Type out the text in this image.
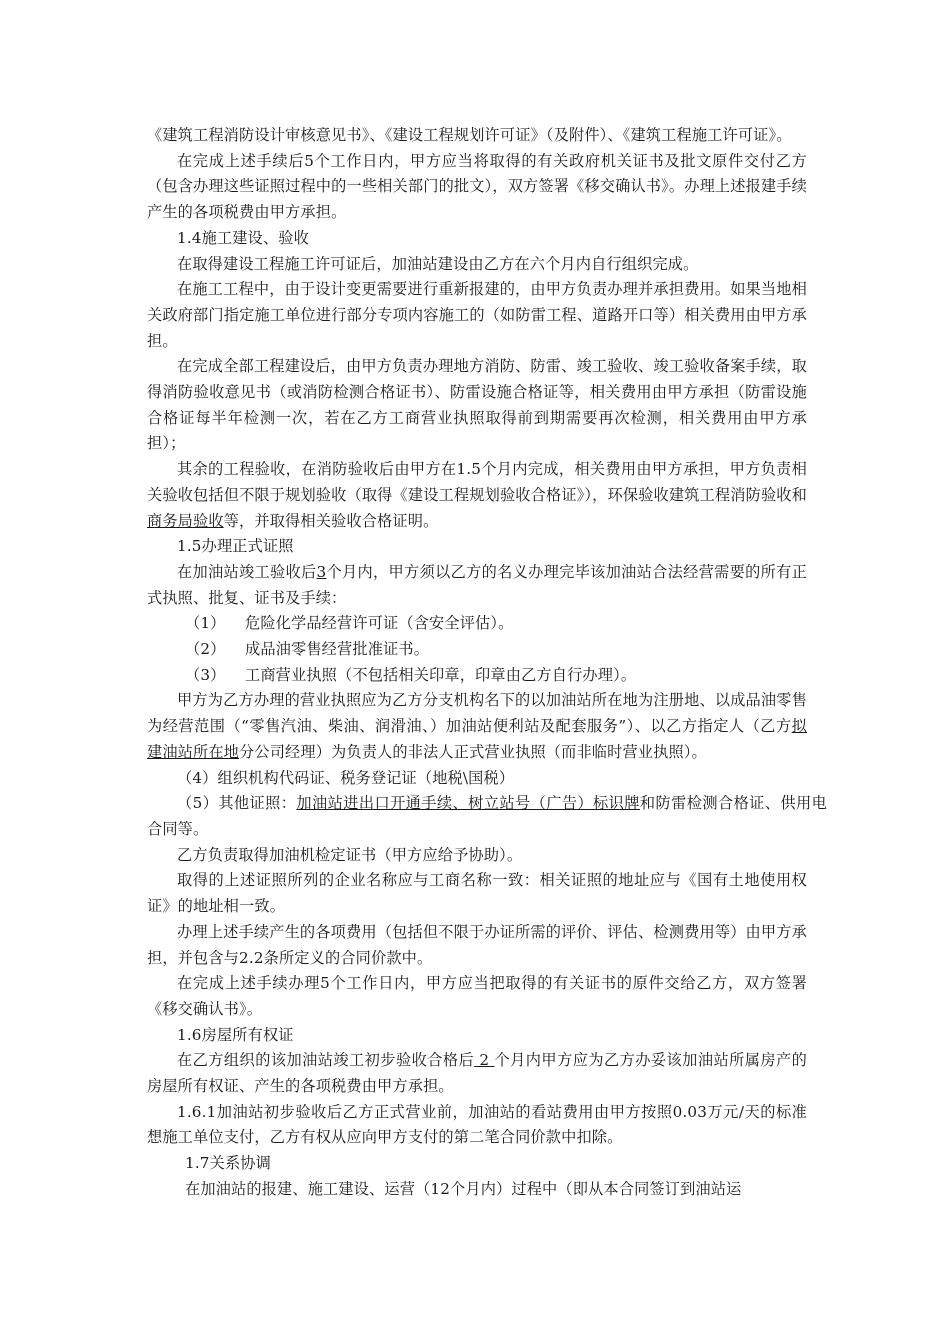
《建筑工程消防设计审核意见书》、《建设工程规划许可证》（及附件）、《建筑工程施工许可证》。

在完成上述手续后5个工作日内，甲方应当将取得的有关政府机关证书及批文原件交付乙方（包含办理这些证照过程中的一些相关部门的批文），双方签署《移交确认书》。办理上述报建手续产生的各项税费由甲方承担。

1.4施工建设、验收

在取得建设工程施工许可证后，加油站建设由乙方在六个月内自行组织完成。

在施工工程中，由于设计变更需要进行重新报建的，由甲方负责办理并承担费用。如果当地相关政府部门指定施工单位进行部分专项内容施工的（如防雷工程、道路开口等）相关费用由甲方承担。

在完成全部工程建设后，由甲方负责办理地方消防、防雷、竣工验收、竣工验收备案手续，取得消防验收意见书（或消防检测合格证书）、防雷设施合格证等，相关费用由甲方承担（防雷设施合格证每半年检测一次，若在乙方工商营业执照取得前到期需要再次检测，相关费用由甲方承担）；

其余的工程验收，在消防验收后由甲方在1.5个月内完成，相关费用由甲方承担，甲方负责相关验收包括但不限于规划验收（取得《建设工程规划验收合格证》），环保验收建筑工程消防验收和商务局验收等，并取得相关验收合格证明。

1.5办理正式证照

在加油站竣工验收后3个月内，甲方须以乙方的名义办理完毕该加油站合法经营需要的所有正式执照、批复、证书及手续：

（1） 危险化学品经营许可证（含安全评估）。

（2） 成品油零售经营批准证书。

（3） 工商营业执照（不包括相关印章，印章由乙方自行办理）。

甲方为乙方办理的营业执照应为乙方分支机构名下的以加油站所在地为注册地、以成品油零售为经营范围（“零售汽油、柴油、润滑油、）加油站便利站及配套服务”）、以乙方指定人（乙方拟建油站所在地分公司经理）为负责人的非法人正式营业执照（而非临时营业执照）。

（4）组织机构代码证、税务登记证（地税\国税）

（5）其他证照：加油站进出口开通手续、树立站号（广告）标识牌和防雷检测合格证、供用电合同等。

乙方负责取得加油机检定证书（甲方应给予协助）。

取得的上述证照所列的企业名称应与工商名称一致：相关证照的地址应与《国有土地使用权证》的地址相一致。

办理上述手续产生的各项费用（包括但不限于办证所需的评价、评估、检测费用等）由甲方承担，并包含与2.2条所定义的合同价款中。

在完成上述手续办理5个工作日内，甲方应当把取得的有关证书的原件交给乙方，双方签署《移交确认书》。

1.6房屋所有权证

在乙方组织的该加油站竣工初步验收合格后 2 个月内甲方应为乙方办妥该加油站所属房产的房屋所有权证、产生的各项税费由甲方承担。

1.6.1加油站初步验收后乙方正式营业前，加油站的看站费用由甲方按照0.03万元/天的标准想施工单位支付，乙方有权从应向甲方支付的第二笔合同价款中扣除。

1.7关系协调

在加油站的报建、施工建设、运营（12个月内）过程中（即从本合同签订到油站运
